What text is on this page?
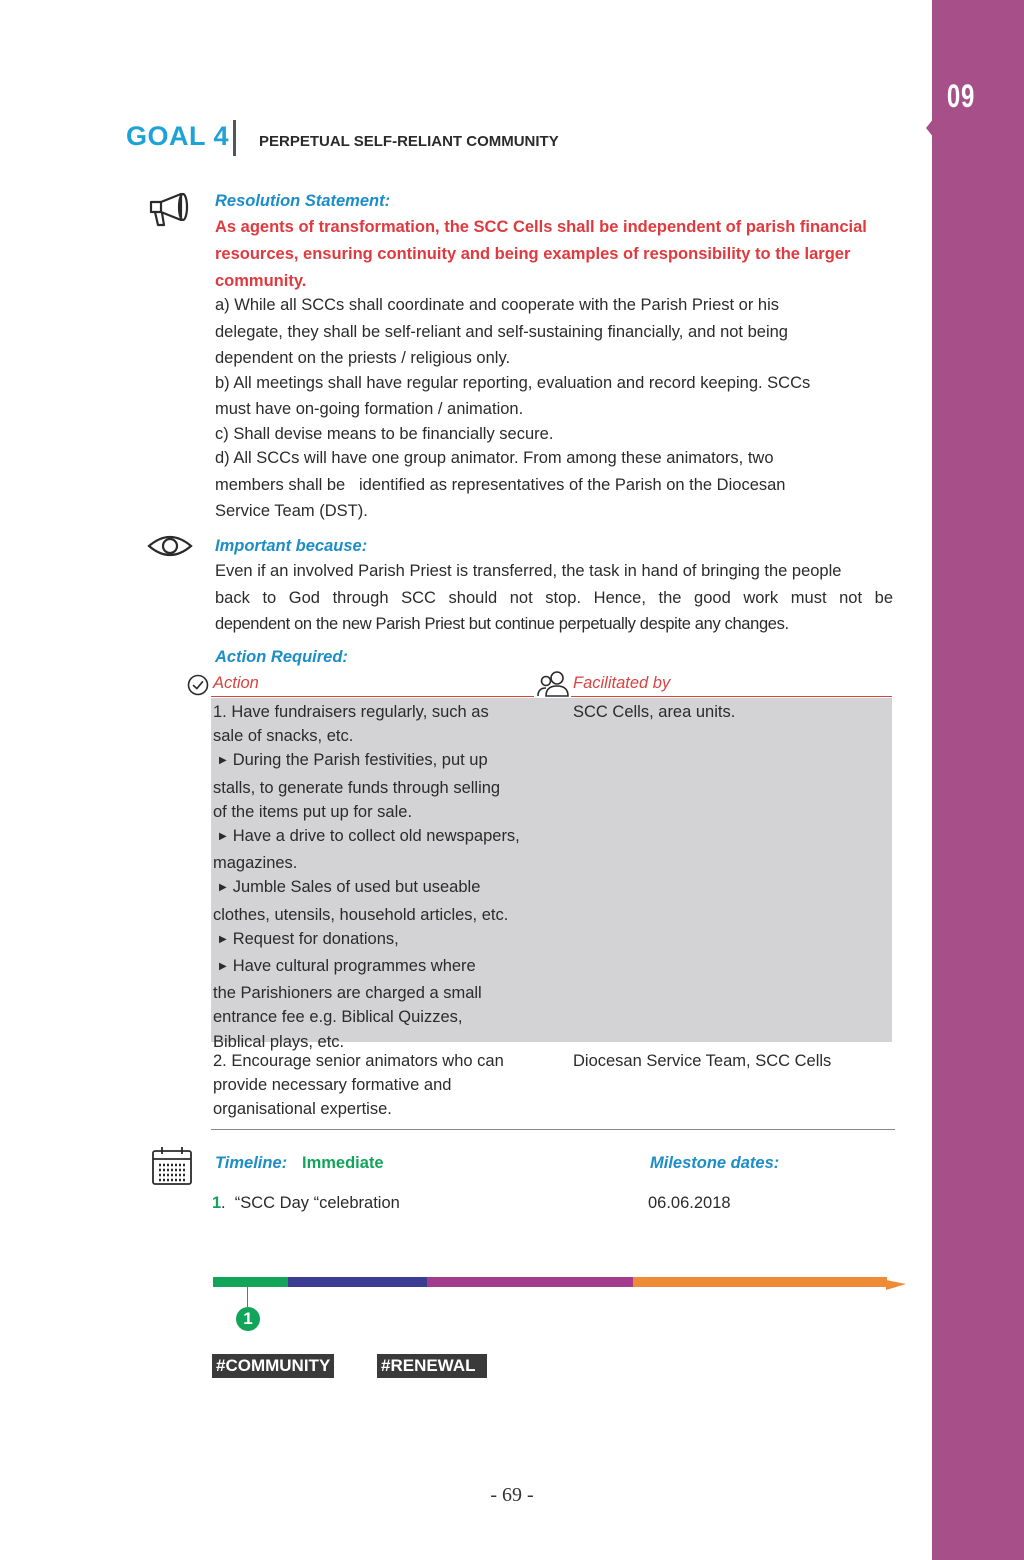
09
GOAL 4 PERPETUAL SELF-RELIANT COMMUNITY
Resolution Statement:
As agents of transformation, the SCC Cells shall be independent of parish financial
resources, ensuring continuity and being examples of responsibility to the larger
community.
a) While all SCCs shall coordinate and cooperate with the Parish Priest or his
delegate, they shall be self-reliant and self-sustaining financially, and not being
dependent on the priests / religious only.
b) All meetings shall have regular reporting, evaluation and record keeping. SCCs
must have on-going formation / animation.
c) Shall devise means to be financially secure.
d) All SCCs will have one group animator. From among these animators, two
members shall be   identified as representatives of the Parish on the Diocesan
Service Team (DST).
Important because:
Even if an involved Parish Priest is transferred, the task in hand of bringing the people
back to God through SCC should not stop. Hence, the good work must not be
dependent on the new Parish Priest but continue perpetually despite any changes.
Action Required:
Action	Facilitated by
1. Have fundraisers regularly, such as
sale of snacks, etc.
▶ During the Parish festivities, put up
stalls, to generate funds through selling
of the items put up for sale.
▶ Have a drive to collect old newspapers,
magazines.
▶ Jumble Sales of used but useable
clothes, utensils, household articles, etc.
▶ Request for donations,
▶ Have cultural programmes where
the Parishioners are charged a small
entrance fee e.g. Biblical Quizzes,
Biblical plays, etc.
SCC Cells, area units.
2. Encourage senior animators who can
provide necessary formative and
organisational expertise.
Diocesan Service Team, SCC Cells
Timeline: Immediate	Milestone dates:
1 .  “SCC Day “celebration	06.06.2018
1
#COMMUNITY	#RENEWAL
- 69 -
